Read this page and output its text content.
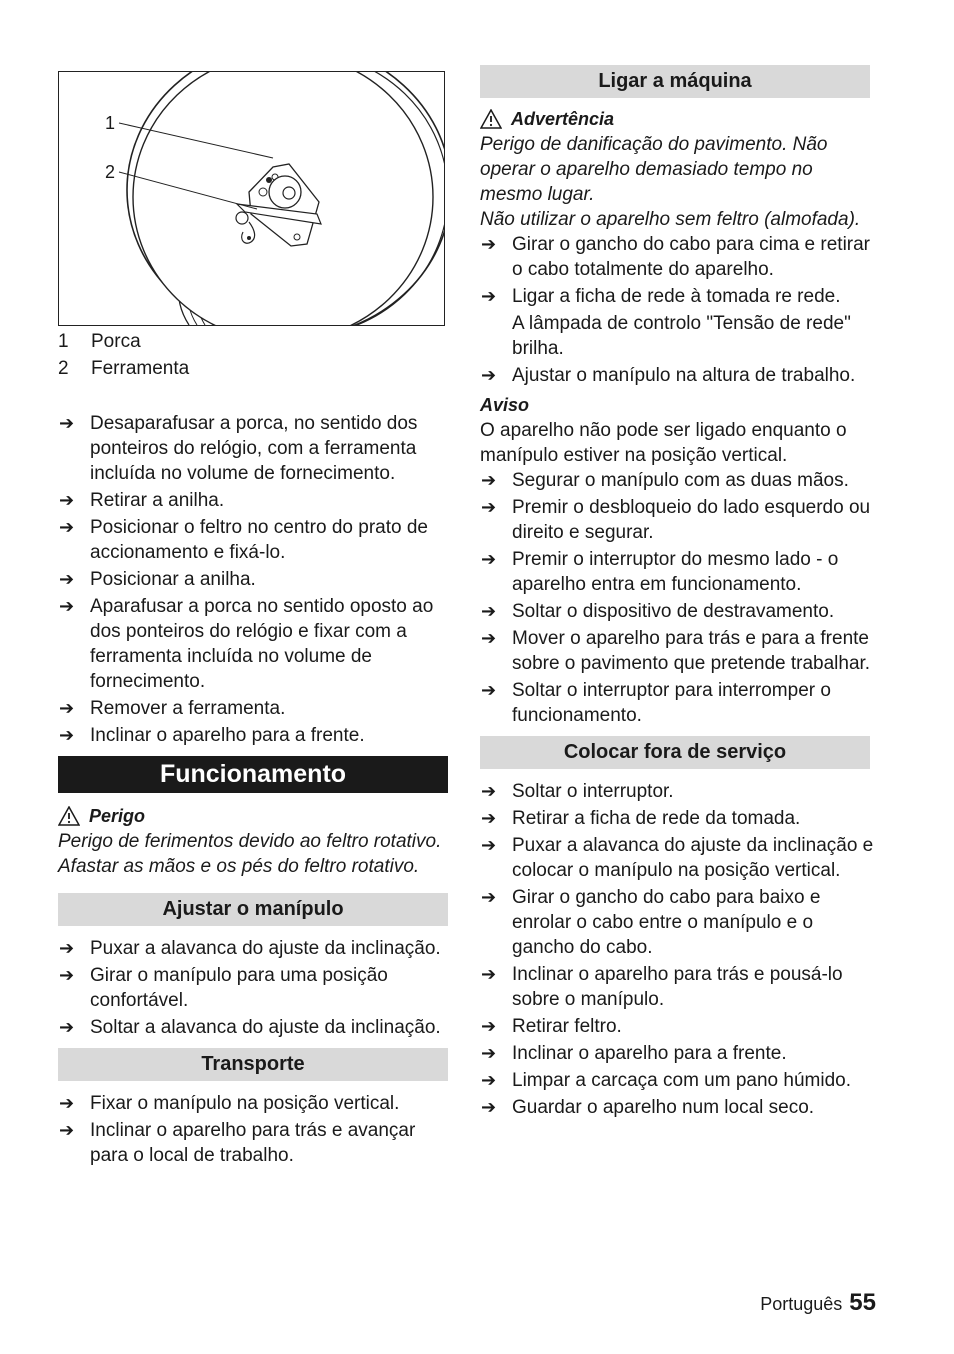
1
2
1	Porca
2	Ferramenta
➔ Desaparafusar a porca, no sentido dos ponteiros do relógio, com a ferramenta incluída no volume de fornecimento.
➔ Retirar a anilha.
➔ Posicionar o feltro no centro do prato de accionamento e fixá-lo.
➔ Posicionar a anilha.
➔ Aparafusar a porca no sentido oposto ao dos ponteiros do relógio e fixar com a ferramenta incluída no volume de fornecimento.
➔ Remover a ferramenta.
➔ Inclinar o aparelho para a frente.
Funcionamento
Perigo
Perigo de ferimentos devido ao feltro rotativo. Afastar as mãos e os pés do feltro rotativo.
Ajustar o manípulo
➔ Puxar a alavanca do ajuste da inclinação.
➔ Girar o manípulo para uma posição confortável.
➔ Soltar a alavanca do ajuste da inclinação.
Transporte
➔ Fixar o manípulo na posição vertical.
➔ Inclinar o aparelho para trás e avançar para o local de trabalho.
Ligar a máquina
Advertência
Perigo de danificação do pavimento. Não operar o aparelho demasiado tempo no mesmo lugar.
Não utilizar o aparelho sem feltro (almofada).
➔ Girar o gancho do cabo para cima e retirar o cabo totalmente do aparelho.
➔ Ligar a ficha de rede à tomada re rede.
A lâmpada de controlo "Tensão de rede" brilha.
➔ Ajustar o manípulo na altura de trabalho.
Aviso
O aparelho não pode ser ligado enquanto o manípulo estiver na posição vertical.
➔ Segurar o manípulo com as duas mãos.
➔ Premir o desbloqueio do lado esquerdo ou direito e segurar.
➔ Premir o interruptor do mesmo lado - o aparelho entra em funcionamento.
➔ Soltar o dispositivo de destravamento.
➔ Mover o aparelho para trás e para a frente sobre o pavimento que pretende trabalhar.
➔ Soltar o interruptor para interromper o funcionamento.
Colocar fora de serviço
➔ Soltar o interruptor.
➔ Retirar a ficha de rede da tomada.
➔ Puxar a alavanca do ajuste da inclinação e colocar o manípulo na posição vertical.
➔ Girar o gancho do cabo para baixo e enrolar o cabo entre o manípulo e o gancho do cabo.
➔ Inclinar o aparelho para trás e pousá-lo sobre o manípulo.
➔ Retirar feltro.
➔ Inclinar o aparelho para a frente.
➔ Limpar a carcaça com um pano húmido.
➔ Guardar o aparelho num local seco.
Português 55
